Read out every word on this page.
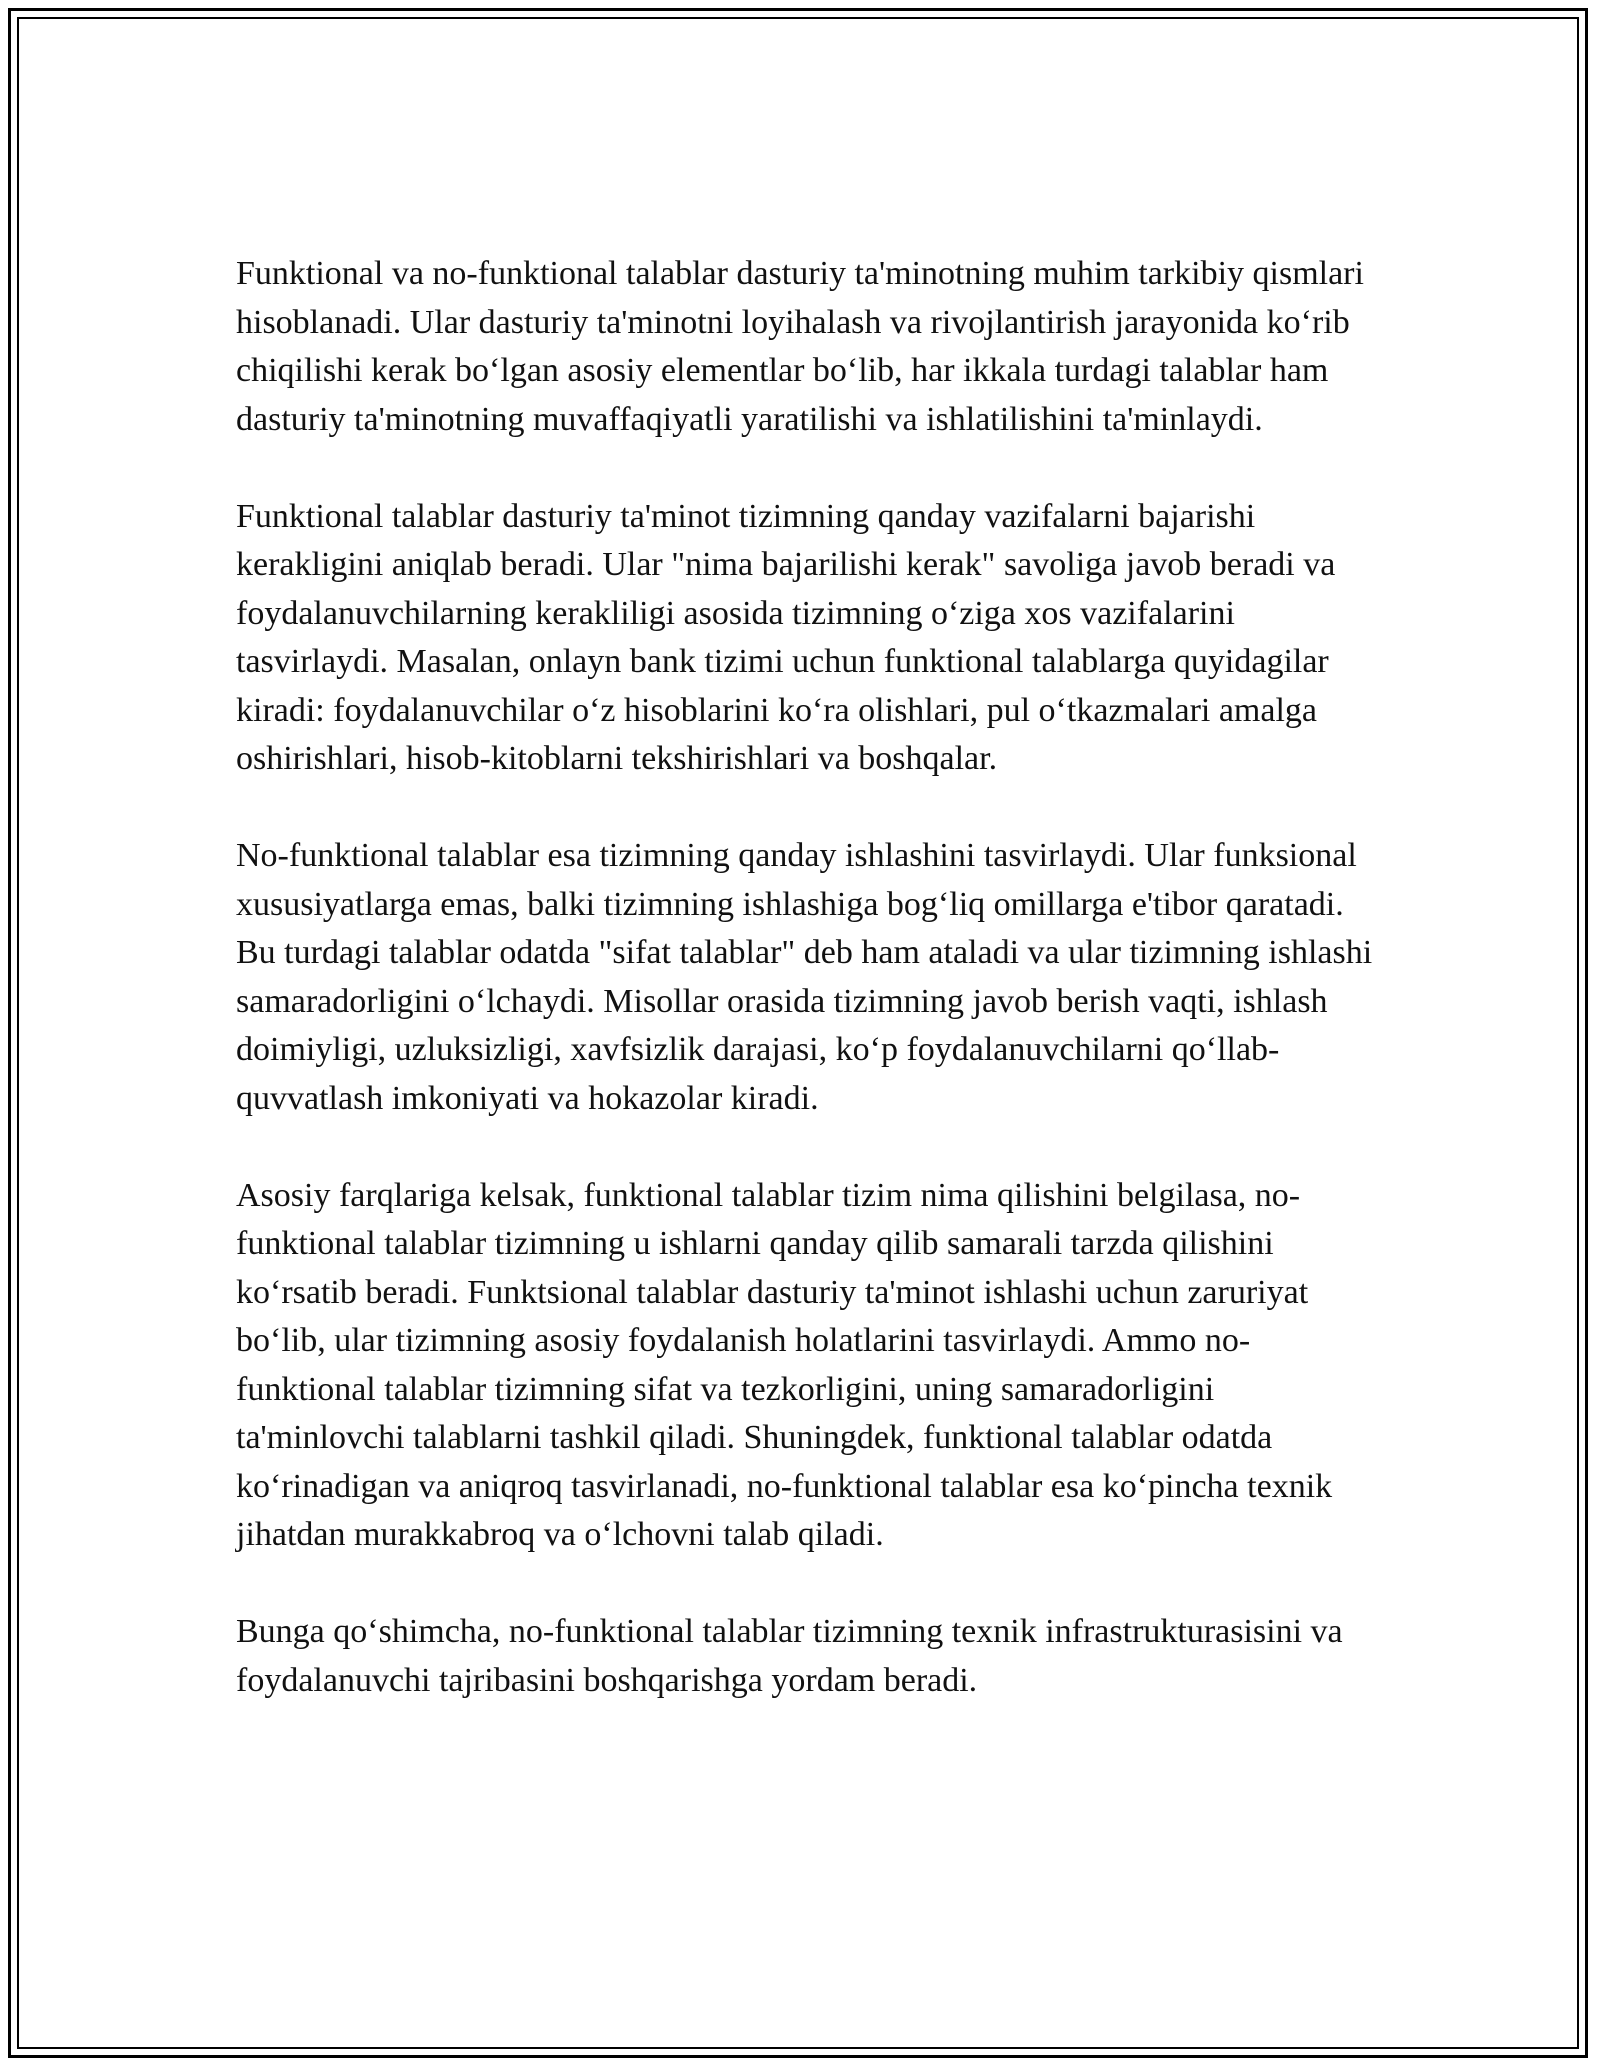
Funktional va no-funktional talablar dasturiy ta'minotning muhim tarkibiy qismlari hisoblanadi. Ular dasturiy ta'minotni loyihalash va rivojlantirish jarayonida ko‘rib chiqilishi kerak bo‘lgan asosiy elementlar bo‘lib, har ikkala turdagi talablar ham dasturiy ta'minotning muvaffaqiyatli yaratilishi va ishlatilishini ta'minlaydi.

Funktional talablar dasturiy ta'minot tizimning qanday vazifalarni bajarishi kerakligini aniqlab beradi. Ular "nima bajarilishi kerak" savoliga javob beradi va foydalanuvchilarning kerakliligi asosida tizimning o‘ziga xos vazifalarini tasvirlaydi. Masalan, onlayn bank tizimi uchun funktional talablarga quyidagilar kiradi: foydalanuvchilar o‘z hisoblarini ko‘ra olishlari, pul o‘tkazmalari amalga oshirishlari, hisob-kitoblarni tekshirishlari va boshqalar.

No-funktional talablar esa tizimning qanday ishlashini tasvirlaydi. Ular funksional xususiyatlarga emas, balki tizimning ishlashiga bog‘liq omillarga e'tibor qaratadi. Bu turdagi talablar odatda "sifat talablar" deb ham ataladi va ular tizimning ishlashi samaradorligini o‘lchaydi. Misollar orasida tizimning javob berish vaqti, ishlash doimiyligi, uzluksizligi, xavfsizlik darajasi, ko‘p foydalanuvchilarni qo‘llab-quvvatlash imkoniyati va hokazolar kiradi.

Asosiy farqlariga kelsak, funktional talablar tizim nima qilishini belgilasa, no-funktional talablar tizimning u ishlarni qanday qilib samarali tarzda qilishini ko‘rsatib beradi. Funktsional talablar dasturiy ta'minot ishlashi uchun zaruriyat bo‘lib, ular tizimning asosiy foydalanish holatlarini tasvirlaydi. Ammo no-funktional talablar tizimning sifat va tezkorligini, uning samaradorligini ta'minlovchi talablarni tashkil qiladi. Shuningdek, funktional talablar odatda ko‘rinadigan va aniqroq tasvirlanadi, no-funktional talablar esa ko‘pincha texnik jihatdan murakkabroq va o‘lchovni talab qiladi.

Bunga qo‘shimcha, no-funktional talablar tizimning texnik infrastrukturasisini va foydalanuvchi tajribasini boshqarishga yordam beradi.
